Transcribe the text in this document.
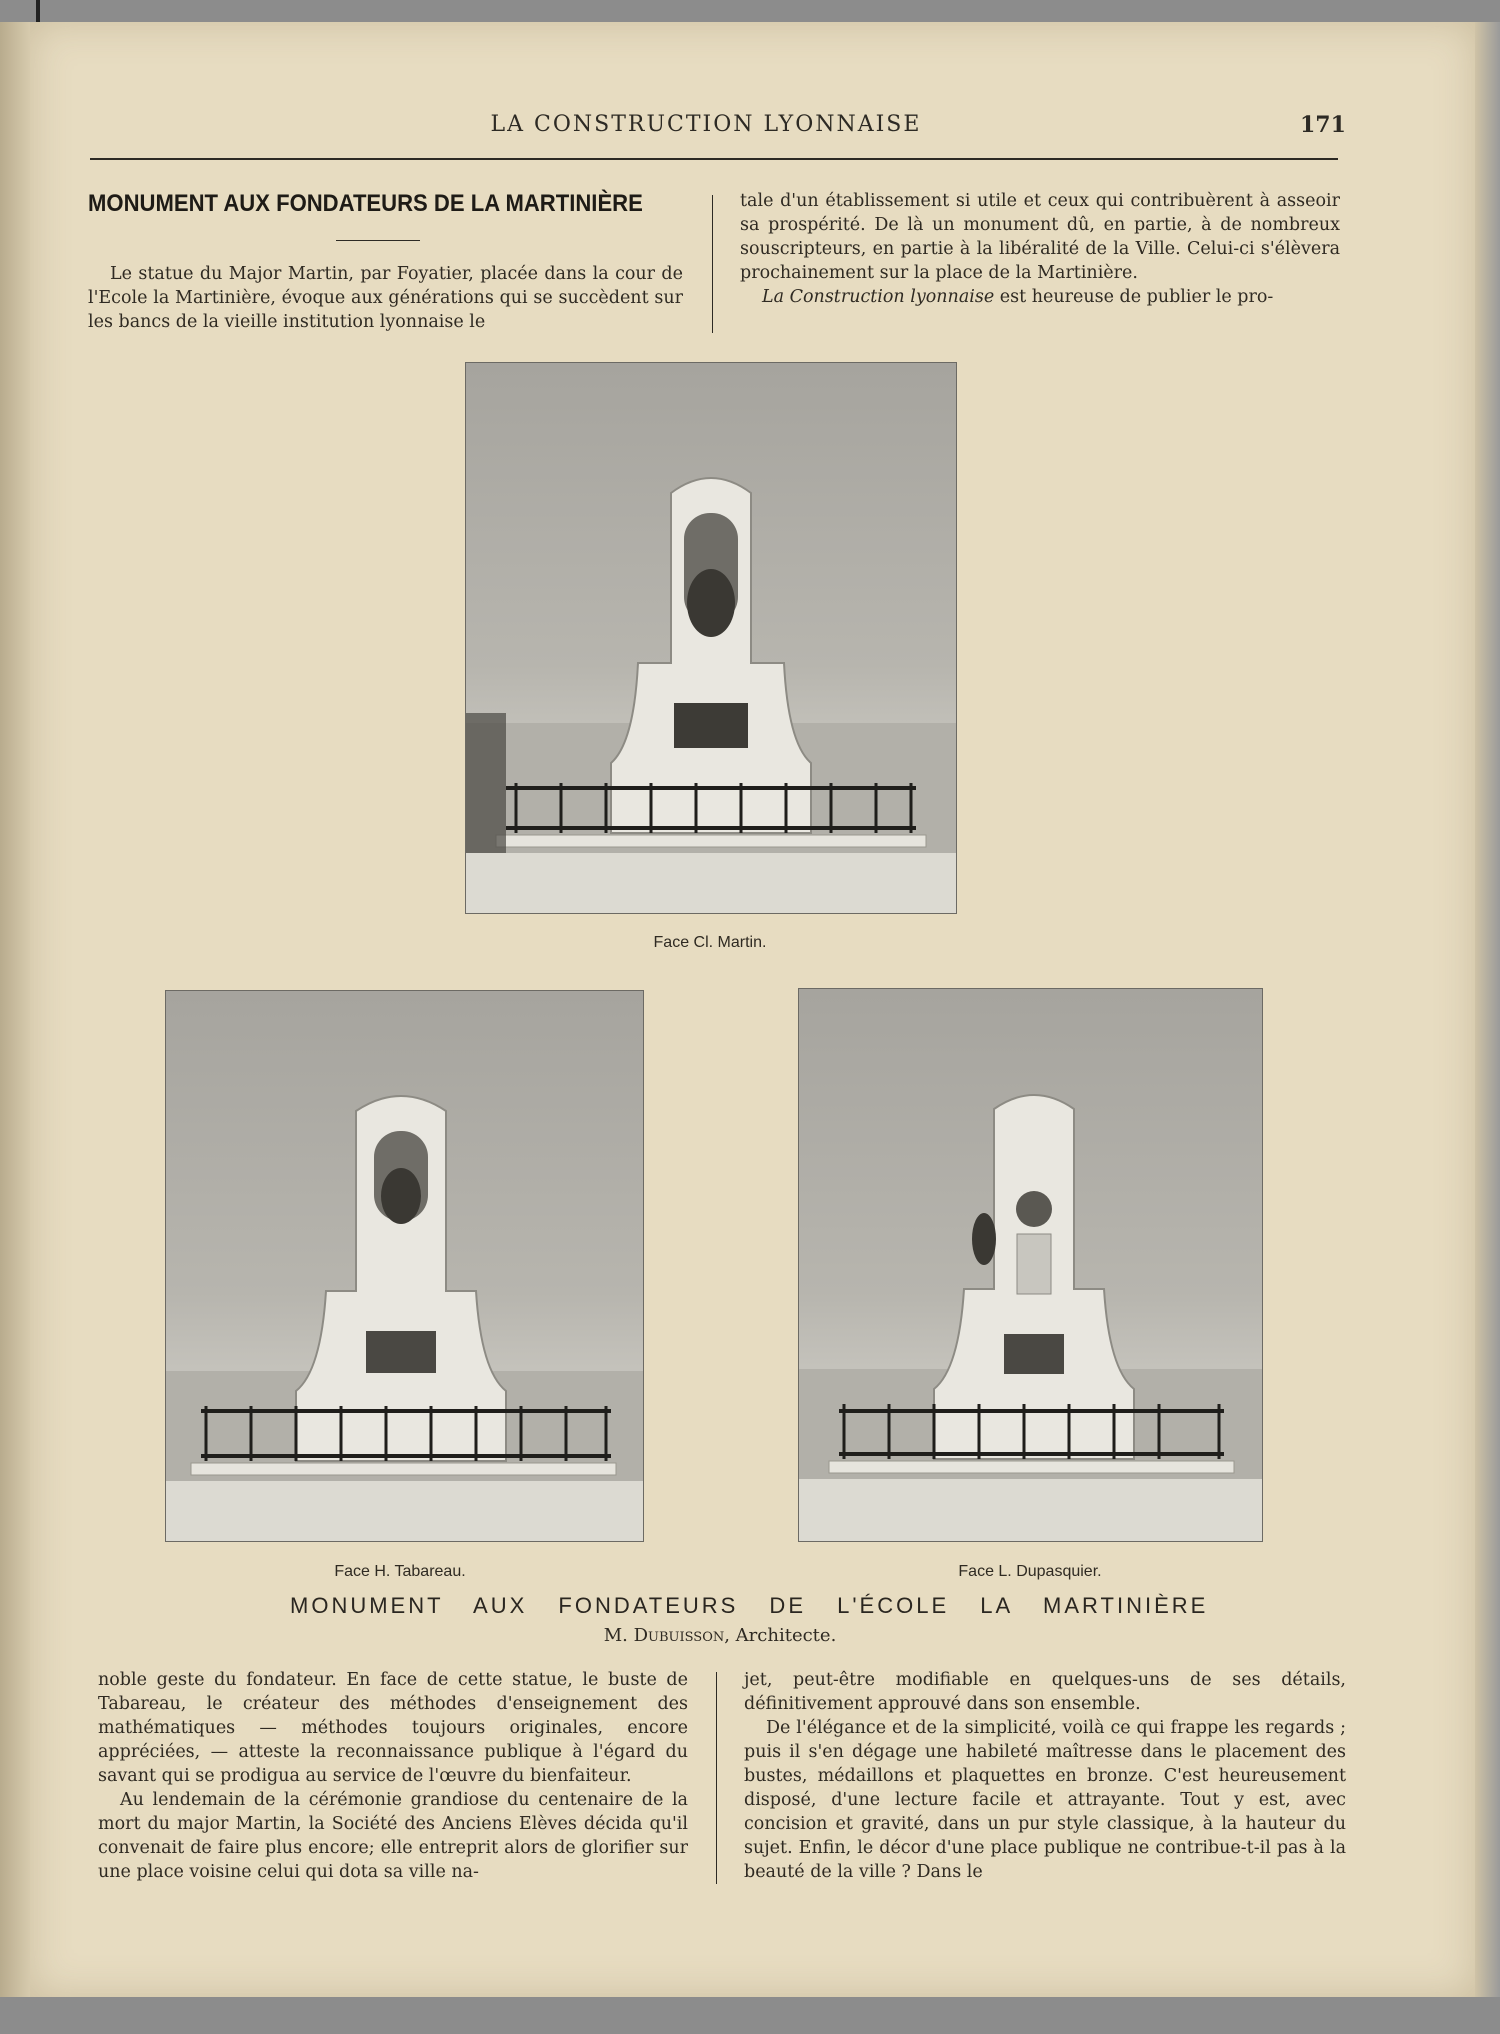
LA CONSTRUCTION LYONNAISE	171
MONUMENT AUX FONDATEURS DE LA MARTINIÈRE

Le statue du Major Martin, par Foyatier, placée dans la cour de l'Ecole la Martinière, évoque aux générations qui se succèdent sur les bancs de la vieille institution lyonnaise le

tale d'un établissement si utile et ceux qui contribuèrent à asseoir sa prospérité. De là un monument dû, en partie, à de nombreux souscripteurs, en partie à la libéralité de la Ville. Celui-ci s'élèvera prochainement sur la place de la Martinière.

La Construction lyonnaise est heureuse de publier le pro-

Face Cl. Martin.
Face H. Tabareau.	Face L. Dupasquier.
MONUMENT AUX FONDATEURS DE L'ÉCOLE LA MARTINIÈRE
M. Dubuisson, Architecte.

noble geste du fondateur. En face de cette statue, le buste de Tabareau, le créateur des méthodes d'enseignement des mathématiques — méthodes toujours originales, encore appréciées, — atteste la reconnaissance publique à l'égard du savant qui se prodigua au service de l'œuvre du bienfaiteur.

Au lendemain de la cérémonie grandiose du centenaire de la mort du major Martin, la Société des Anciens Elèves décida qu'il convenait de faire plus encore; elle entreprit alors de glorifier sur une place voisine celui qui dota sa ville na-

jet, peut-être modifiable en quelques-uns de ses détails, définitivement approuvé dans son ensemble.

De l'élégance et de la simplicité, voilà ce qui frappe les regards ; puis il s'en dégage une habileté maîtresse dans le placement des bustes, médaillons et plaquettes en bronze. C'est heureusement disposé, d'une lecture facile et attrayante. Tout y est, avec concision et gravité, dans un pur style classique, à la hauteur du sujet. Enfin, le décor d'une place publique ne contribue-t-il pas à la beauté de la ville ? Dans le
